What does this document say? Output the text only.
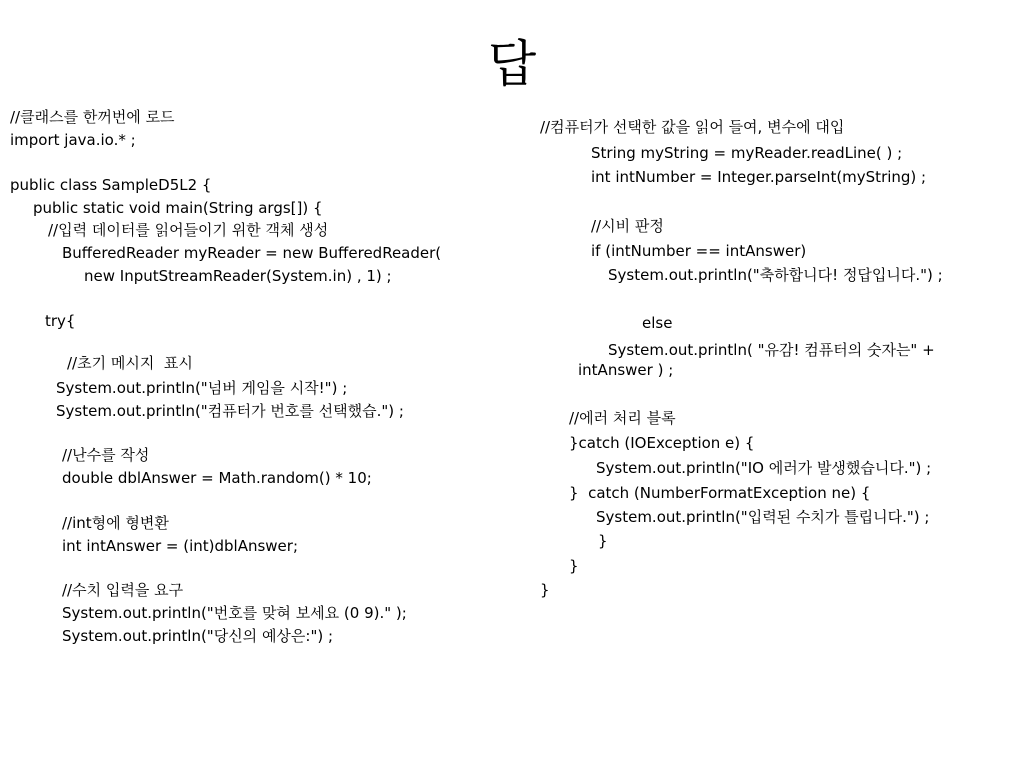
답
//클래스를 한꺼번에 로드
import java.io.* ;
public class SampleD5L2 {
public static void main(String args[]) {
//입력 데이터를 읽어들이기 위한 객체 생성
BufferedReader myReader = new BufferedReader(
new InputStreamReader(System.in) , 1) ;
try{
//초기 메시지  표시
System.out.println("넘버 게임을 시작!") ;
System.out.println("컴퓨터가 번호를 선택했습.") ;
//난수를 작성
double dblAnswer = Math.random() * 10;
//int형에 형변환
int intAnswer = (int)dblAnswer;
//수치 입력을 요구
System.out.println("번호를 맞혀 보세요 (0 9)." );
System.out.println("당신의 예상은:") ;
//컴퓨터가 선택한 값을 읽어 들여, 변수에 대입
String myString = myReader.readLine( ) ;
int intNumber = Integer.parseInt(myString) ;
//시비 판정
if (intNumber == intAnswer)
System.out.println("축하합니다! 정답입니다.") ;
else
System.out.println( "유감! 컴퓨터의 숫자는" +
intAnswer ) ;
//에러 처리 블록
}catch (IOException e) {
System.out.println("IO 에러가 발생했습니다.") ;
}  catch (NumberFormatException ne) {
System.out.println("입력된 수치가 틀립니다.") ;
}
}
}
